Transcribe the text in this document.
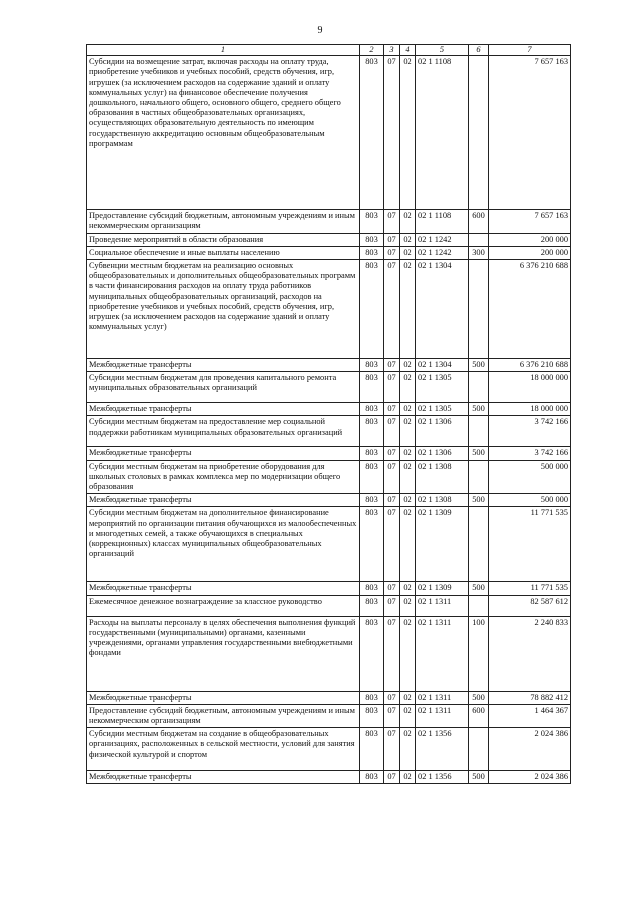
9
1	2	3	4	5	6	7
Субсидии на возмещение затрат, включая расходы на оплату труда, приобретение учебников и учебных пособий, средств обучения, игр, игрушек (за исключением расходов на содержание зданий и оплату коммунальных услуг) на финансовое обеспечение получения дошкольного, начального общего, основного общего, среднего общего образования в частных общеобразовательных организациях, осуществляющих образовательную деятельность по имеющим государственную аккредитацию основным общеобразовательным программам	803	07	02	02 1 1108		7 657 163
Предоставление субсидий бюджетным, автономным учреждениям и иным некоммерческим организациям	803	07	02	02 1 1108	600	7 657 163
Проведение мероприятий в области образования	803	07	02	02 1 1242		200 000
Социальное обеспечение и иные выплаты населению	803	07	02	02 1 1242	300	200 000
Субвенции местным бюджетам на реализацию основных общеобразовательных и дополнительных общеобразовательных программ в части финансирования расходов на оплату труда работников муниципальных общеобразовательных организаций, расходов на приобретение учебников и учебных пособий, средств обучения, игр, игрушек (за исключением расходов на содержание зданий и оплату коммунальных услуг)	803	07	02	02 1 1304		6 376 210 688
Межбюджетные трансферты	803	07	02	02 1 1304	500	6 376 210 688
Субсидии местным бюджетам для проведения капитального ремонта муниципальных образовательных организаций	803	07	02	02 1 1305		18 000 000
Межбюджетные трансферты	803	07	02	02 1 1305	500	18 000 000
Субсидии местным бюджетам на предоставление мер социальной поддержки работникам муниципальных образовательных организаций	803	07	02	02 1 1306		3 742 166
Межбюджетные трансферты	803	07	02	02 1 1306	500	3 742 166
Субсидии местным бюджетам на приобретение оборудования для школьных столовых в рамках комплекса мер по модернизации общего образования	803	07	02	02 1 1308		500 000
Межбюджетные трансферты	803	07	02	02 1 1308	500	500 000
Субсидии местным бюджетам на дополнительное финансирование мероприятий по организации питания обучающихся из малообеспеченных и многодетных семей, а также обучающихся в специальных (коррекционных) классах муниципальных общеобразовательных организаций	803	07	02	02 1 1309		11 771 535
Межбюджетные трансферты	803	07	02	02 1 1309	500	11 771 535
Ежемесячное денежное вознаграждение за классное руководство	803	07	02	02 1 1311		82 587 612
Расходы на выплаты персоналу в целях обеспечения выполнения функций государственными (муниципальными) органами, казенными учреждениями, органами управления государственными внебюджетными фондами	803	07	02	02 1 1311	100	2 240 833
Межбюджетные трансферты	803	07	02	02 1 1311	500	78 882 412
Предоставление субсидий бюджетным, автономным учреждениям и иным некоммерческим организациям	803	07	02	02 1 1311	600	1 464 367
Субсидии местным бюджетам на создание в общеобразовательных организациях, расположенных в сельской местности, условий для занятия физической культурой и спортом	803	07	02	02 1 1356		2 024 386
Межбюджетные трансферты	803	07	02	02 1 1356	500	2 024 386
